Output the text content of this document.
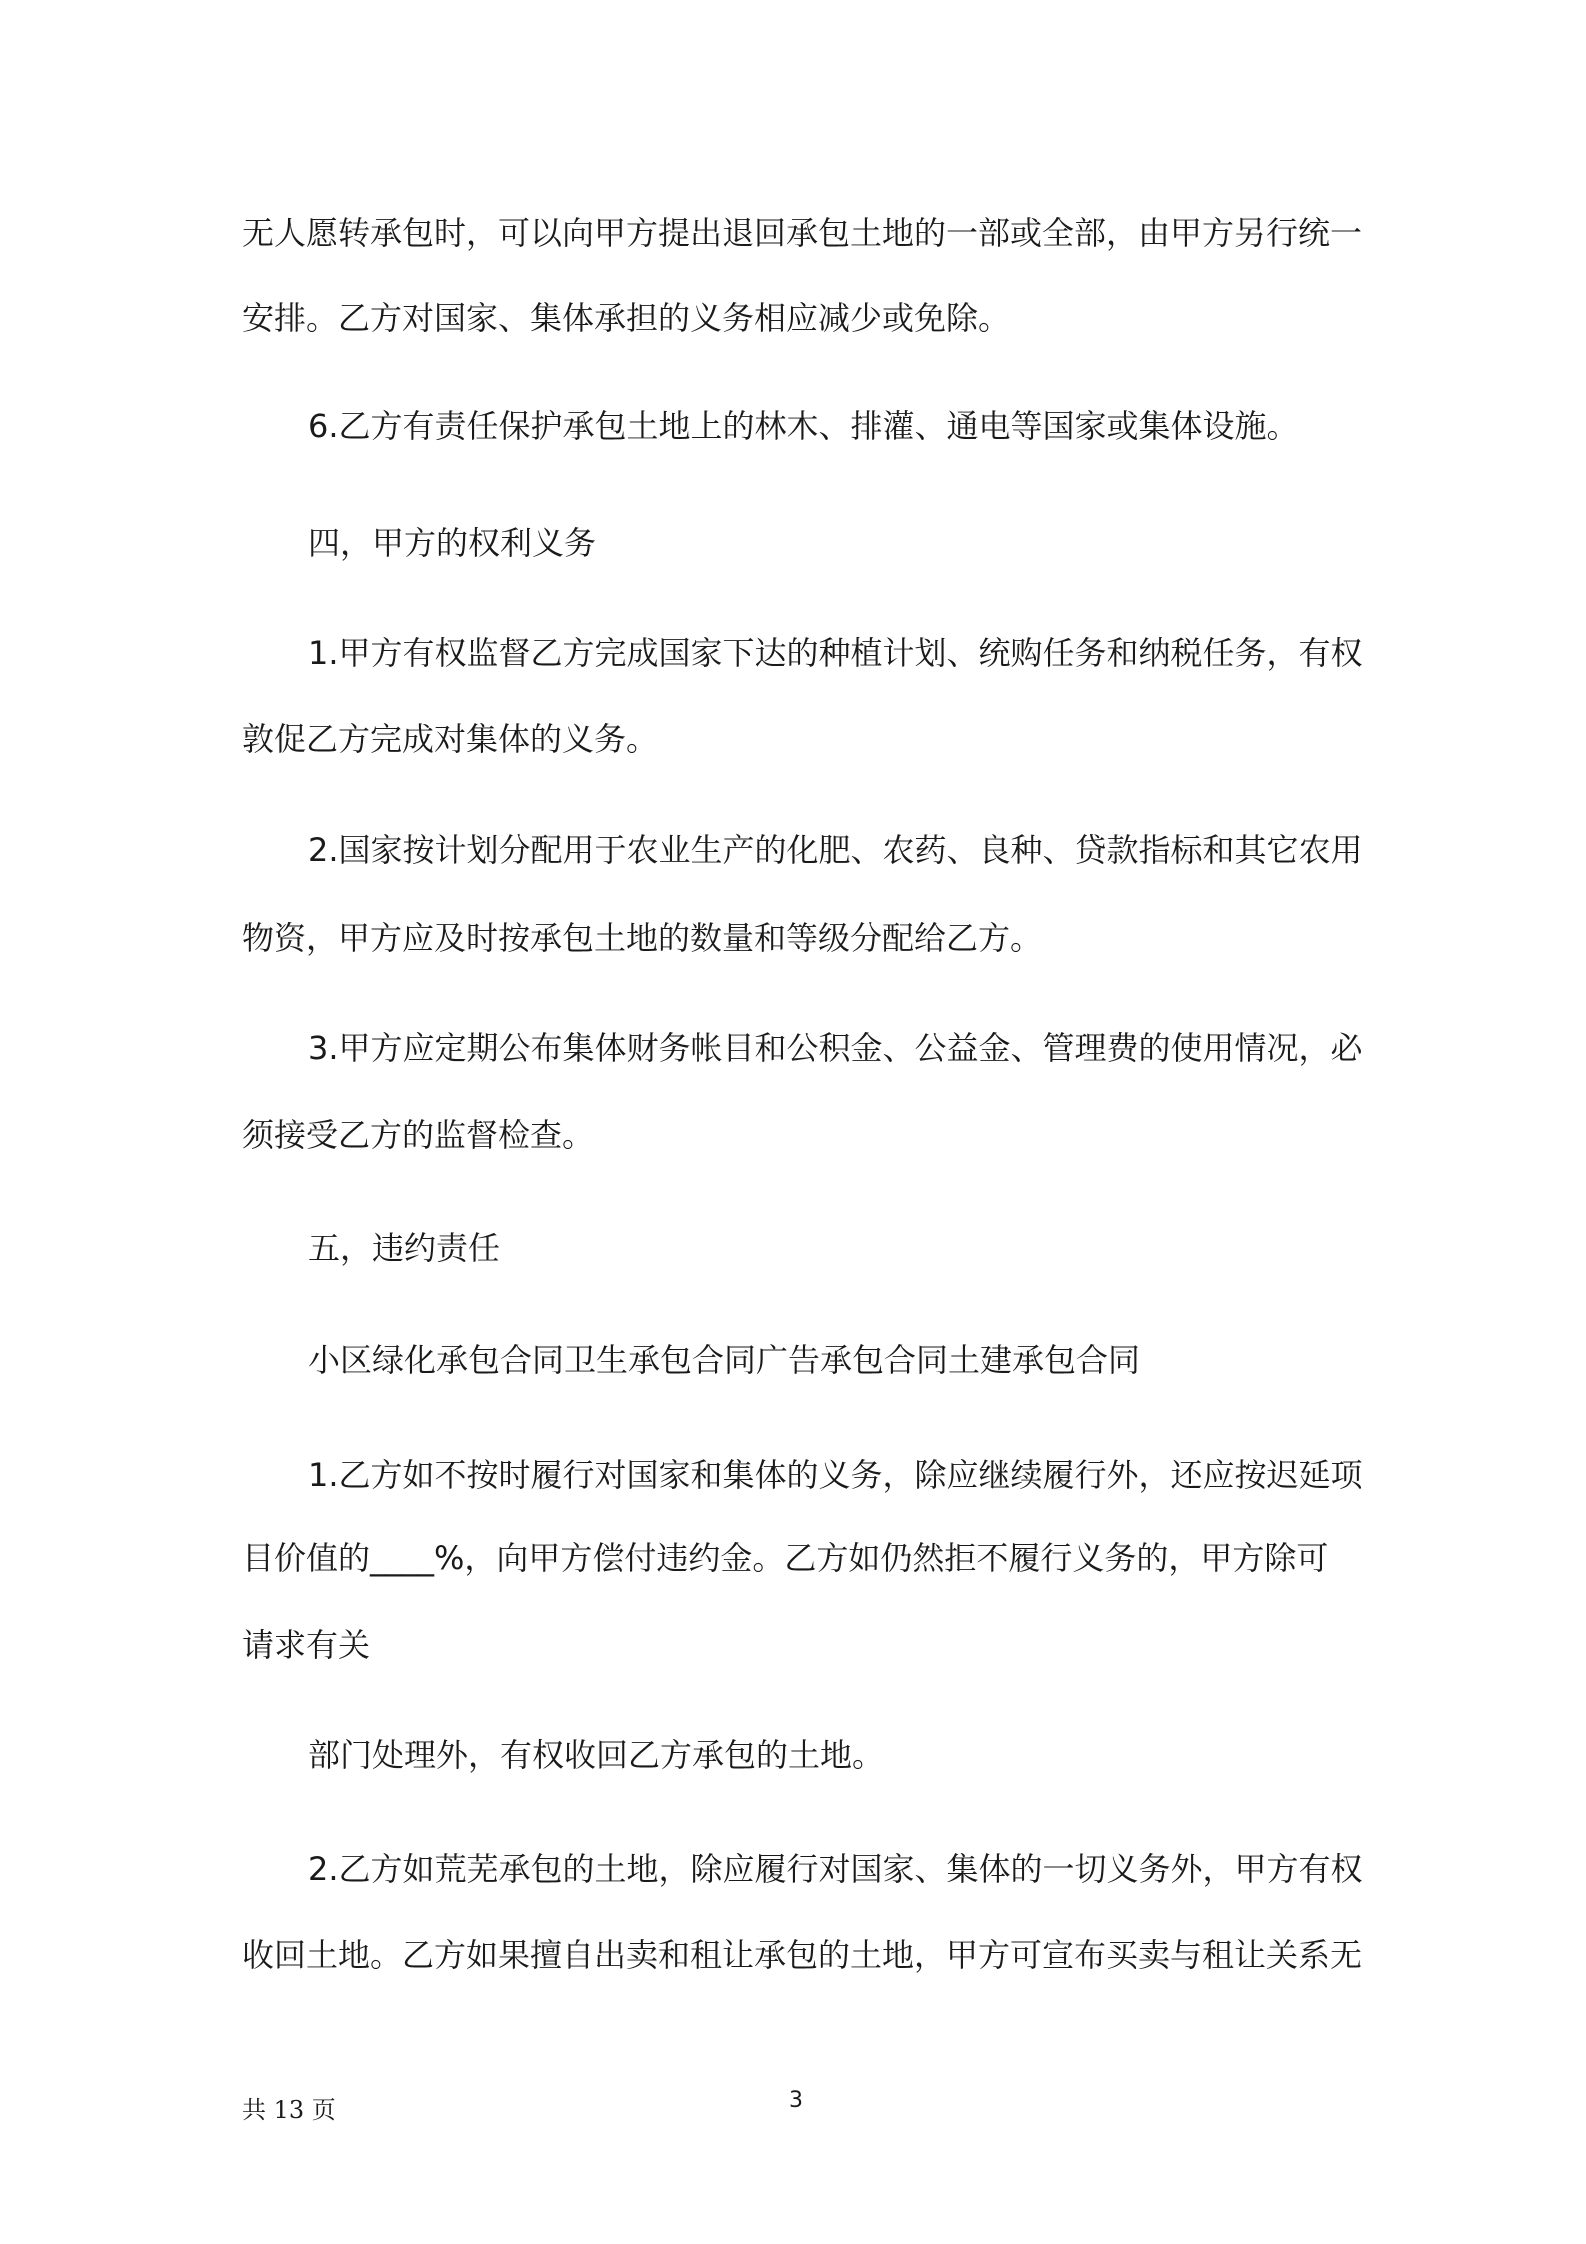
无人愿转承包时，可以向甲方提出退回承包土地的一部或全部，由甲方另行统一
安排。乙方对国家、集体承担的义务相应减少或免除。
6.乙方有责任保护承包土地上的林木、排灌、通电等国家或集体设施。
四，甲方的权利义务
1.甲方有权监督乙方完成国家下达的种植计划、统购任务和纳税任务，有权
敦促乙方完成对集体的义务。
2.国家按计划分配用于农业生产的化肥、农药、良种、贷款指标和其它农用
物资，甲方应及时按承包土地的数量和等级分配给乙方。
3.甲方应定期公布集体财务帐目和公积金、公益金、管理费的使用情况，必
须接受乙方的监督检查。
五，违约责任
小区绿化承包合同卫生承包合同广告承包合同土建承包合同
1.乙方如不按时履行对国家和集体的义务，除应继续履行外，还应按迟延项
目价值的____%，向甲方偿付违约金。乙方如仍然拒不履行义务的，甲方除可
请求有关
部门处理外，有权收回乙方承包的土地。
2.乙方如荒芜承包的土地，除应履行对国家、集体的一切义务外，甲方有权
收回土地。乙方如果擅自出卖和租让承包的土地，甲方可宣布买卖与租让关系无
共 13 页	3
